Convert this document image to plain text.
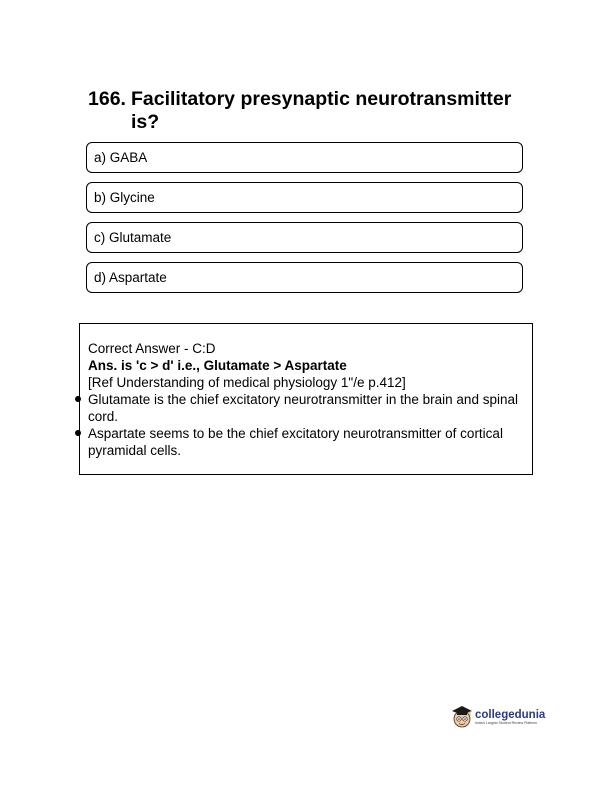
166. Facilitatory presynaptic neurotransmitter is?
a) GABA
b) Glycine
c) Glutamate
d) Aspartate
Correct Answer - C:D
Ans. is 'c > d' i.e., Glutamate > Aspartate
[Ref Understanding of medical physiology 1"/e p.412]
Glutamate is the chief excitatory neurotransmitter in the brain and spinal cord.
Aspartate seems to be the chief excitatory neurotransmitter of cortical pyramidal cells.
collegedunia
India's Largest Student Review Platform
